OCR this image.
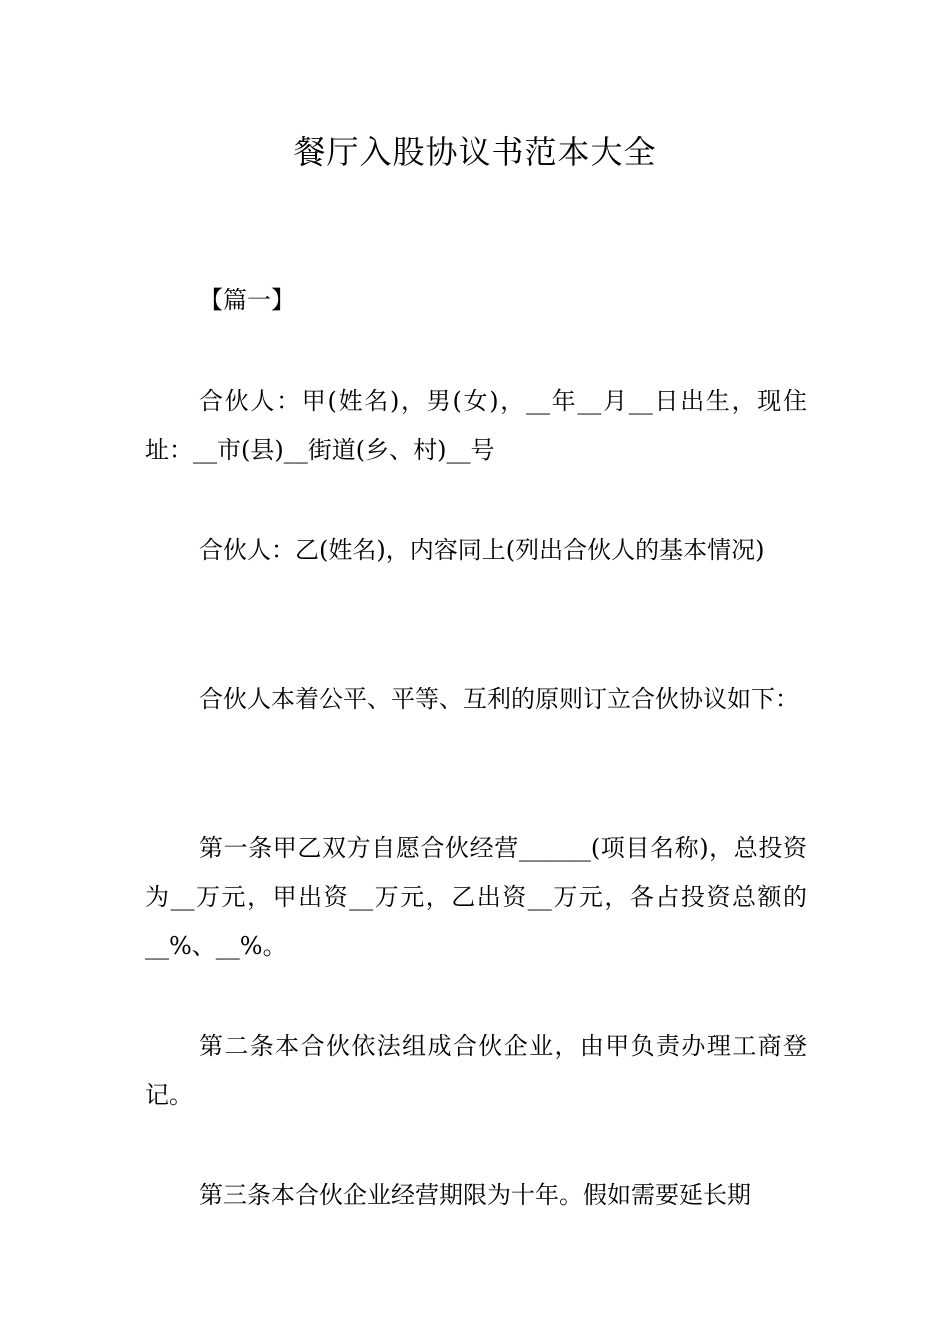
餐厅入股协议书范本大全

【篇一】

合伙人：甲(姓名)，男(女)，__年__月__日出生，现住址：__市(县)__街道(乡、村)__号

合伙人：乙(姓名)，内容同上(列出合伙人的基本情况)

合伙人本着公平、平等、互利的原则订立合伙协议如下：

第一条甲乙双方自愿合伙经营______(项目名称)，总投资为__万元，甲出资__万元，乙出资__万元，各占投资总额的__%、__%。

第二条本合伙依法组成合伙企业，由甲负责办理工商登记。

第三条本合伙企业经营期限为十年。假如需要延长期
